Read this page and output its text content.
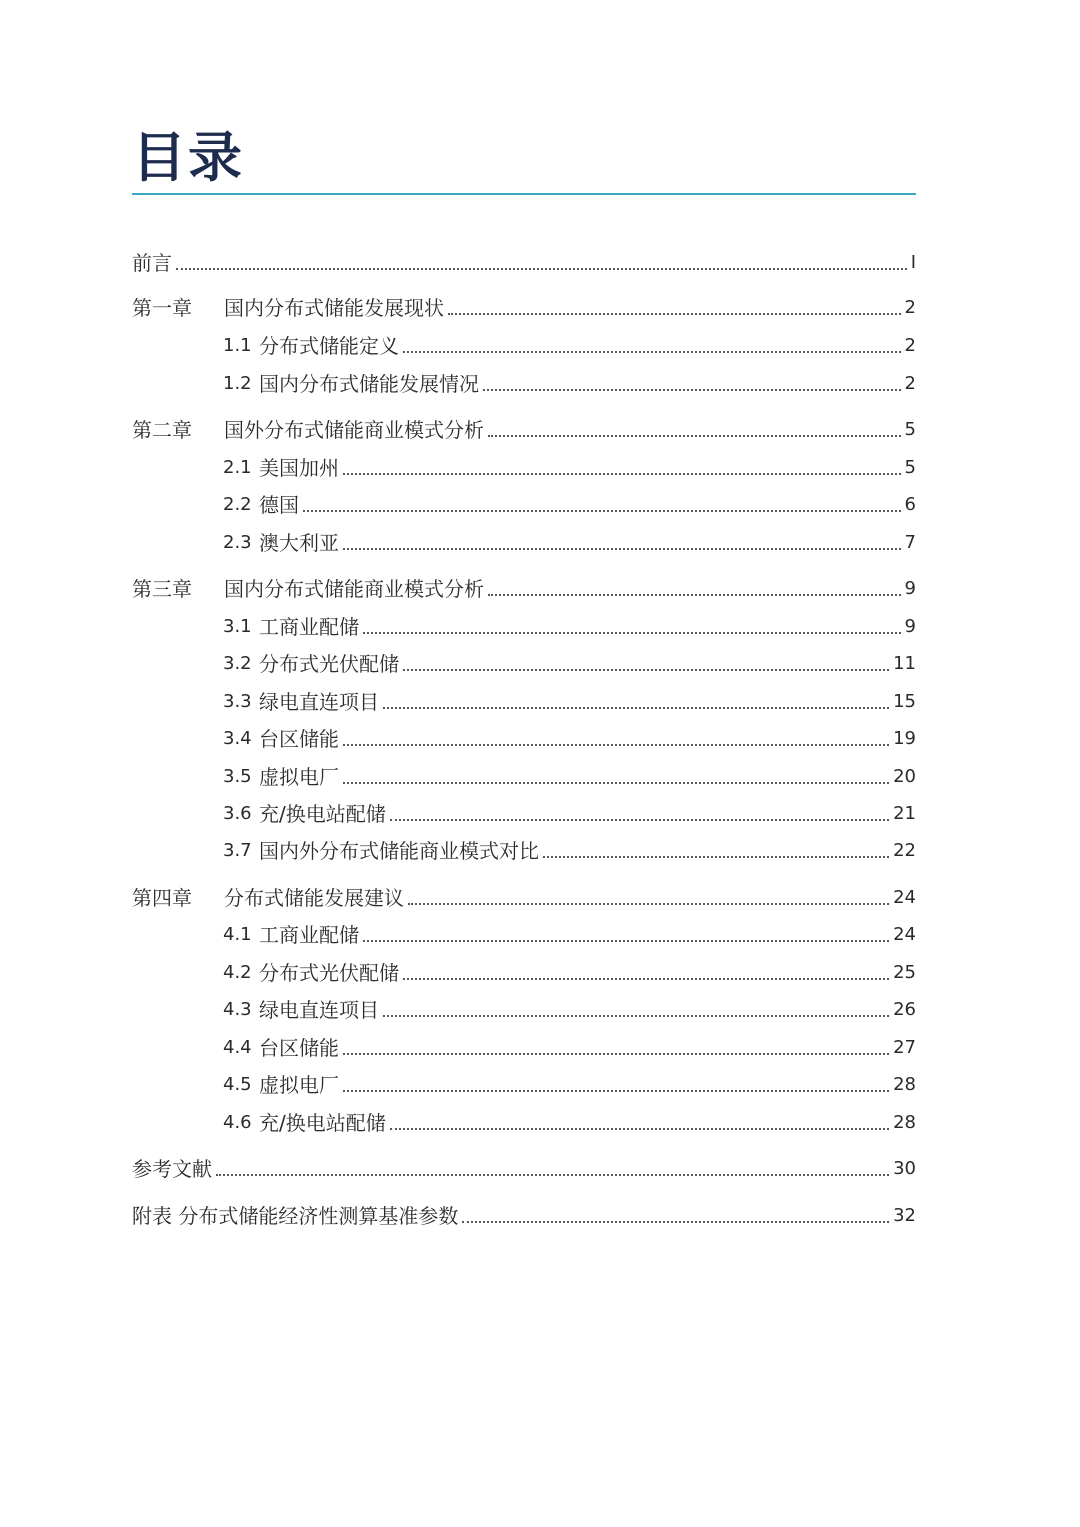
目录
前言	I
第一章	国内分布式储能发展现状	2
1.1 分布式储能定义	2
1.2 国内分布式储能发展情况	2
第二章	国外分布式储能商业模式分析	5
2.1 美国加州	5
2.2 德国	6
2.3 澳大利亚	7
第三章	国内分布式储能商业模式分析	9
3.1 工商业配储	9
3.2 分布式光伏配储	11
3.3 绿电直连项目	15
3.4 台区储能	19
3.5 虚拟电厂	20
3.6 充/换电站配储	21
3.7 国内外分布式储能商业模式对比	22
第四章	分布式储能发展建议	24
4.1 工商业配储	24
4.2 分布式光伏配储	25
4.3 绿电直连项目	26
4.4 台区储能	27
4.5 虚拟电厂	28
4.6 充/换电站配储	28
参考文献	30
附表 分布式储能经济性测算基准参数	32
